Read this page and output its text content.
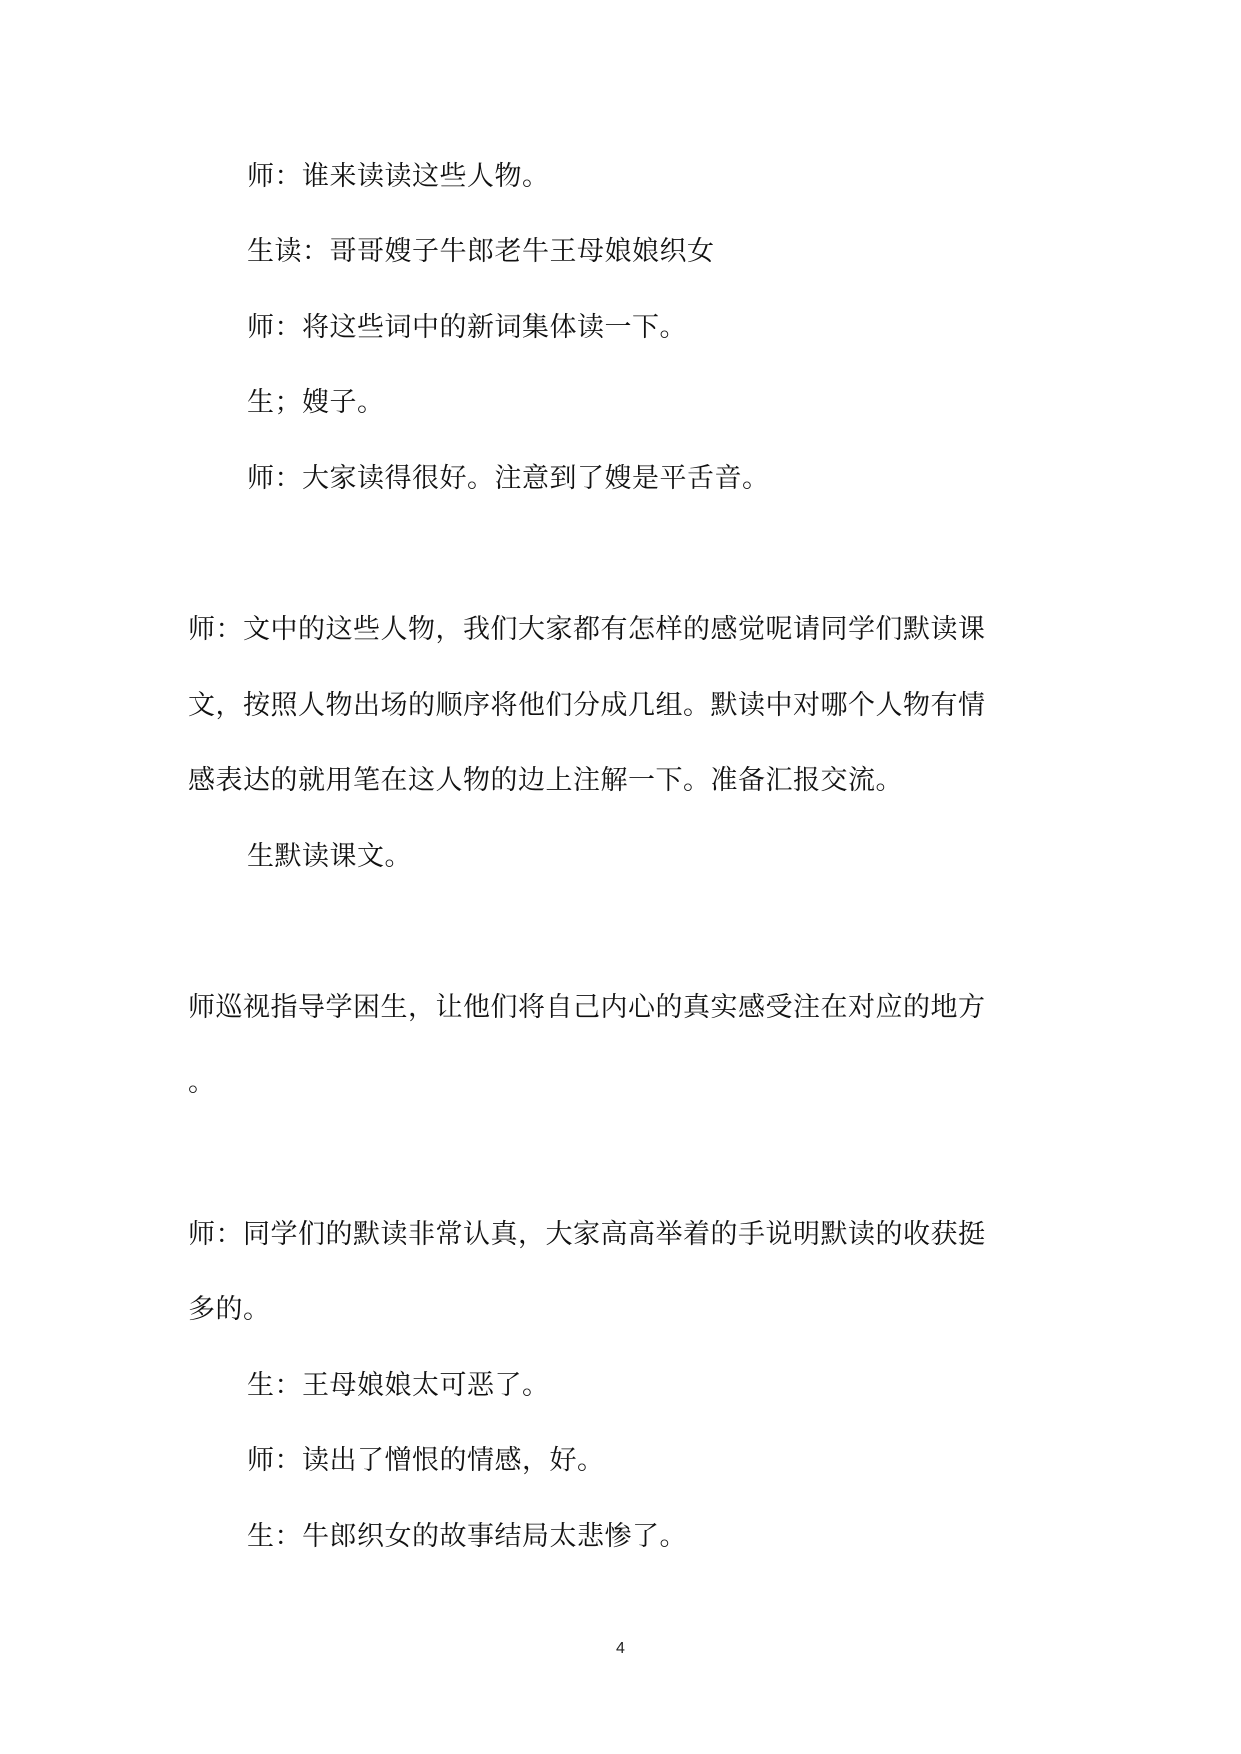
师：谁来读读这些人物。
生读：哥哥嫂子牛郎老牛王母娘娘织女
师：将这些词中的新词集体读一下。
生；嫂子。
师：大家读得很好。注意到了嫂是平舌音。
师：文中的这些人物，我们大家都有怎样的感觉呢请同学们默读课
文，按照人物出场的顺序将他们分成几组。默读中对哪个人物有情
感表达的就用笔在这人物的边上注解一下。准备汇报交流。
生默读课文。
师巡视指导学困生，让他们将自己内心的真实感受注在对应的地方
。
师：同学们的默读非常认真，大家高高举着的手说明默读的收获挺
多的。
生：王母娘娘太可恶了。
师：读出了憎恨的情感，好。
生：牛郎织女的故事结局太悲惨了。
4
